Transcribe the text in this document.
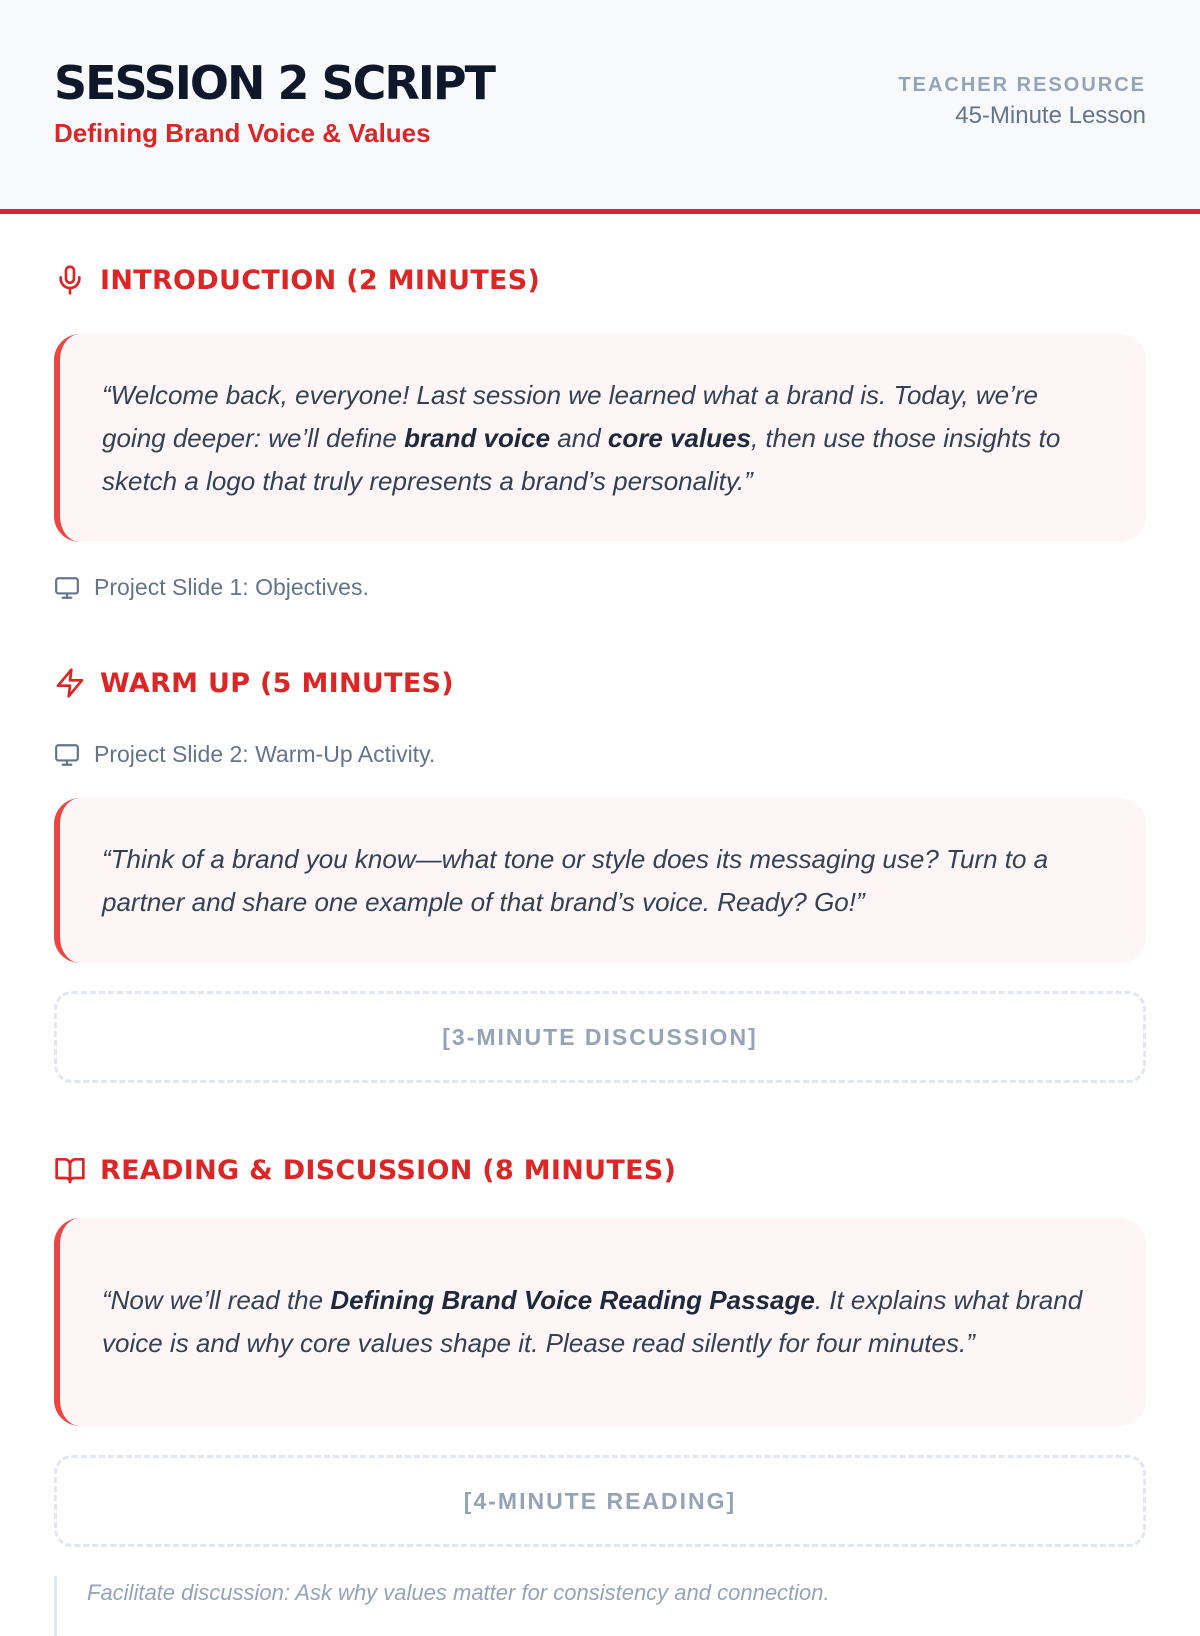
SESSION 2 SCRIPT
Defining Brand Voice & Values
TEACHER RESOURCE
45-Minute Lesson
INTRODUCTION (2 MINUTES)
“Welcome back, everyone! Last session we learned what a brand is. Today, we’re going deeper: we’ll define brand voice and core values, then use those insights to sketch a logo that truly represents a brand’s personality.”
Project Slide 1: Objectives.
WARM UP (5 MINUTES)
Project Slide 2: Warm-Up Activity.
“Think of a brand you know—what tone or style does its messaging use? Turn to a partner and share one example of that brand’s voice. Ready? Go!”
[3-MINUTE DISCUSSION]
READING & DISCUSSION (8 MINUTES)
“Now we’ll read the Defining Brand Voice Reading Passage. It explains what brand voice is and why core values shape it. Please read silently for four minutes.”
[4-MINUTE READING]
Facilitate discussion: Ask why values matter for consistency and connection.
